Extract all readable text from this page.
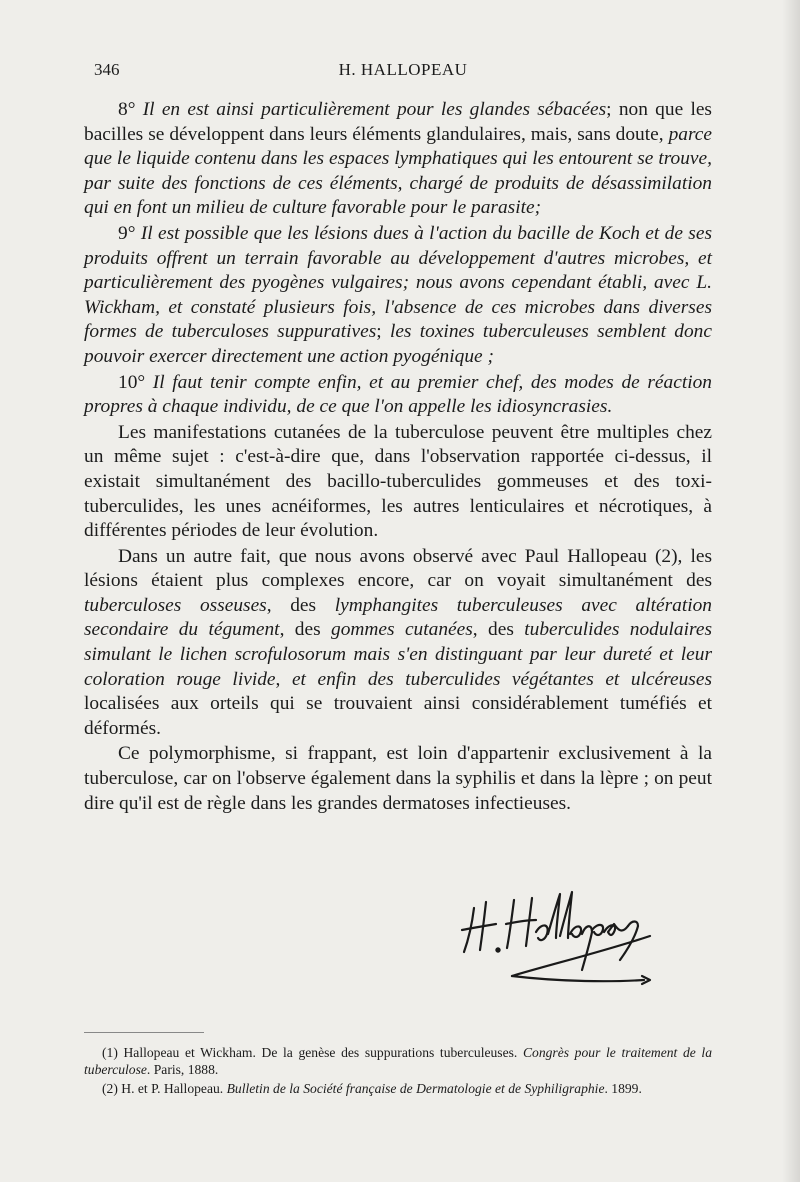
346	H. HALLOPEAU

8° Il en est ainsi particulièrement pour les glandes sébacées; non que les bacilles se développent dans leurs éléments glandulaires, mais, sans doute, parce que le liquide contenu dans les espaces lymphatiques qui les entourent se trouve, par suite des fonctions de ces éléments, chargé de produits de désassimilation qui en font un milieu de culture favorable pour le parasite;

9° Il est possible que les lésions dues à l'action du bacille de Koch et de ses produits offrent un terrain favorable au développement d'autres microbes, et particulièrement des pyogènes vulgaires; nous avons cependant établi, avec L. Wickham, et constaté plusieurs fois, l'absence de ces microbes dans diverses formes de tuberculoses suppuratives; les toxines tuberculeuses semblent donc pouvoir exercer directement une action pyogénique ;

10° Il faut tenir compte enfin, et au premier chef, des modes de réaction propres à chaque individu, de ce que l'on appelle les idiosyncrasies.

Les manifestations cutanées de la tuberculose peuvent être multiples chez un même sujet : c'est-à-dire que, dans l'observation rapportée ci-dessus, il existait simultanément des bacillo-tuberculides gommeuses et des toxi-tuberculides, les unes acnéiformes, les autres lenticulaires et nécrotiques, à différentes périodes de leur évolution.

Dans un autre fait, que nous avons observé avec Paul Hallopeau (2), les lésions étaient plus complexes encore, car on voyait simultanément des tuberculoses osseuses, des lymphangites tuberculeuses avec altération secondaire du tégument, des gommes cutanées, des tuberculides nodulaires simulant le lichen scrofulosorum mais s'en distinguant par leur dureté et leur coloration rouge livide, et enfin des tuberculides végétantes et ulcéreuses localisées aux orteils qui se trouvaient ainsi considérablement tuméfiés et déformés.

Ce polymorphisme, si frappant, est loin d'appartenir exclusivement à la tuberculose, car on l'observe également dans la syphilis et dans la lèpre ; on peut dire qu'il est de règle dans les grandes dermatoses infectieuses.

(1) Hallopeau et Wickham. De la genèse des suppurations tuberculeuses. Congrès pour le traitement de la tuberculose. Paris, 1888.

(2) H. et P. Hallopeau. Bulletin de la Société française de Dermatologie et de Syphiligraphie. 1899.
